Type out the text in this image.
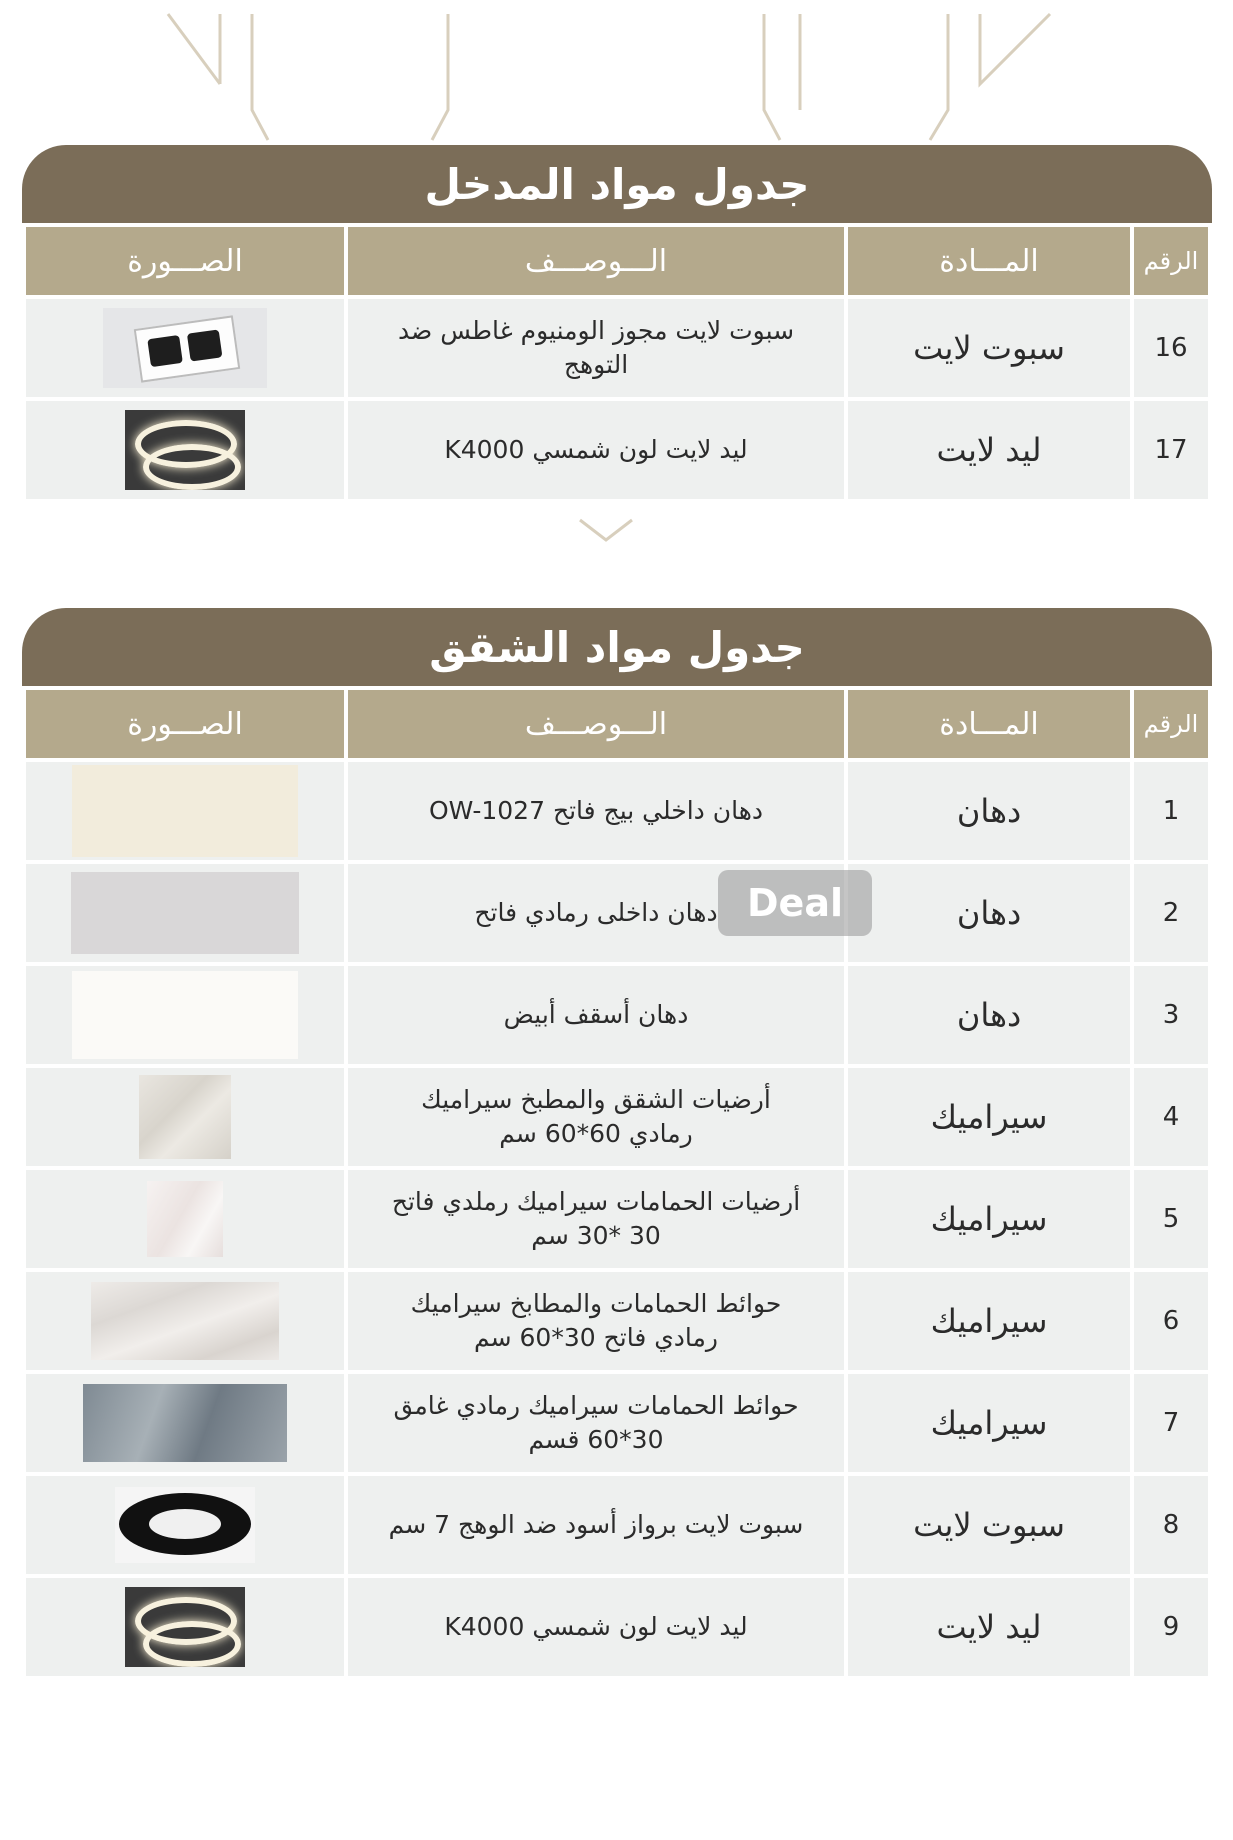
جدول مواد المدخل
الرقم	المـــادة	الـــوصـــف	الصـــورة
16	سبوت لايت	سبوت لايت مجوز الومنيوم غاطس ضد التوهج	

17	ليد لايت	ليد لايت لون شمسي K4000	
جدول مواد الشقق
الرقم	المـــادة	الـــوصـــف	الصـــورة
1	دهان	دهان داخلي بيج فاتح OW-1027	
2	دهان	دهان داخلى رمادي فاتح	
3	دهان	دهان أسقف أبيض	
4	سيراميك	أرضيات الشقق والمطبخ سيراميك رمادي 60*60 سم	
5	سيراميك	أرضيات الحمامات سيراميك رملدي فاتح 30 *30 سم	
6	سيراميك	حوائط الحمامات والمطابخ سيراميك رمادي فاتح 30*60 سم	
7	سيراميك	حوائط الحمامات سيراميك رمادي غامق 30*60 قسم	
8	سبوت لايت	سبوت لايت برواز أسود ضد الوهج 7 سم	

9	ليد لايت	ليد لايت لون شمسي K4000	
Deal
